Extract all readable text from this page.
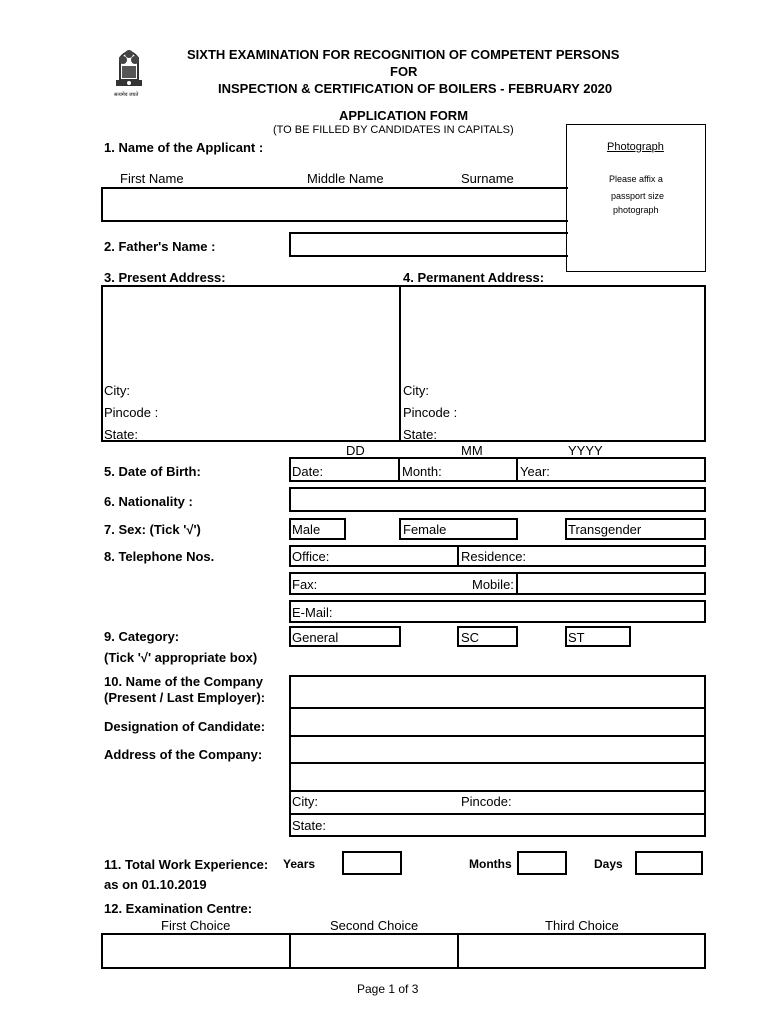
सत्यमेव जयते
SIXTH EXAMINATION FOR RECOGNITION OF COMPETENT PERSONS
FOR
INSPECTION & CERTIFICATION OF BOILERS - FEBRUARY 2020
APPLICATION FORM
(TO BE FILLED BY CANDIDATES IN CAPITALS)
Photograph
Please affix a
passport size
photograph
1. Name of the Applicant :
First Name	Middle Name	Surname
2. Father's Name :
3. Present Address:	4. Permanent Address:
City:
Pincode :
State:
City:
Pincode :
State:
DD	MM	YYYY
5. Date of Birth:	Date:	Month:	Year:
6. Nationality :
7. Sex: (Tick '√')	Male	Female	Transgender
8. Telephone Nos.	Office:	Residence:
Fax:	Mobile:
E-Mail:
9. Category:
(Tick '√' appropriate box)
General	SC	ST
10. Name of the Company
(Present / Last Employer):
Designation of Candidate:
Address of the Company:
City:	Pincode:
State:
11. Total Work Experience:
as on 01.10.2019
Years	Months	Days
12. Examination Centre:
First Choice	Second Choice	Third Choice
Page 1 of 3
